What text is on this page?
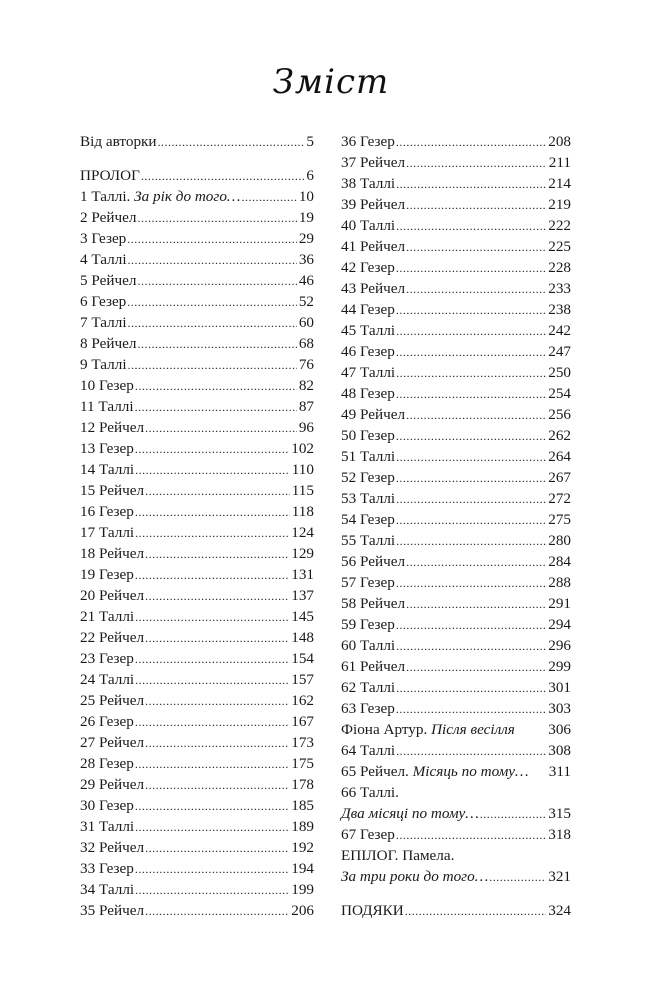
Зміст
Від авторки .....	5
ПРОЛОГ .....	6
1 Таллі. За рік до того… .....	10
2 Рейчел .....	19
3 Гезер .....	29
4 Таллі .....	36
5 Рейчел .....	46
6 Гезер .....	52
7 Таллі .....	60
8 Рейчел .....	68
9 Таллі .....	76
10 Гезер .....	82
11 Таллі .....	87
12 Рейчел .....	96
13 Гезер .....	102
14 Таллі .....	110
15 Рейчел .....	115
16 Гезер .....	118
17 Таллі .....	124
18 Рейчел .....	129
19 Гезер .....	131
20 Рейчел .....	137
21 Таллі .....	145
22 Рейчел .....	148
23 Гезер .....	154
24 Таллі .....	157
25 Рейчел .....	162
26 Гезер .....	167
27 Рейчел .....	173
28 Гезер .....	175
29 Рейчел .....	178
30 Гезер .....	185
31 Таллі .....	189
32 Рейчел .....	192
33 Гезер .....	194
34 Таллі .....	199
35 Рейчел .....	206
36 Гезер .....	208
37 Рейчел .....	211
38 Таллі .....	214
39 Рейчел .....	219
40 Таллі .....	222
41 Рейчел .....	225
42 Гезер .....	228
43 Рейчел .....	233
44 Гезер .....	238
45 Таллі .....	242
46 Гезер .....	247
47 Таллі .....	250
48 Гезер .....	254
49 Рейчел .....	256
50 Гезер .....	262
51 Таллі .....	264
52 Гезер .....	267
53 Таллі .....	272
54 Гезер .....	275
55 Таллі .....	280
56 Рейчел .....	284
57 Гезер .....	288
58 Рейчел .....	291
59 Гезер .....	294
60 Таллі .....	296
61 Рейчел .....	299
62 Таллі .....	301
63 Гезер .....	303
Фіона Артур. Після весілля 306
64 Таллі .....	308
65 Рейчел. Місяць по тому… 311
66 Таллі.
Два місяці по тому… .....	315
67 Гезер .....	318
ЕПІЛОГ. Памела.
За три роки до того… .....	321
ПОДЯКИ .....	324
